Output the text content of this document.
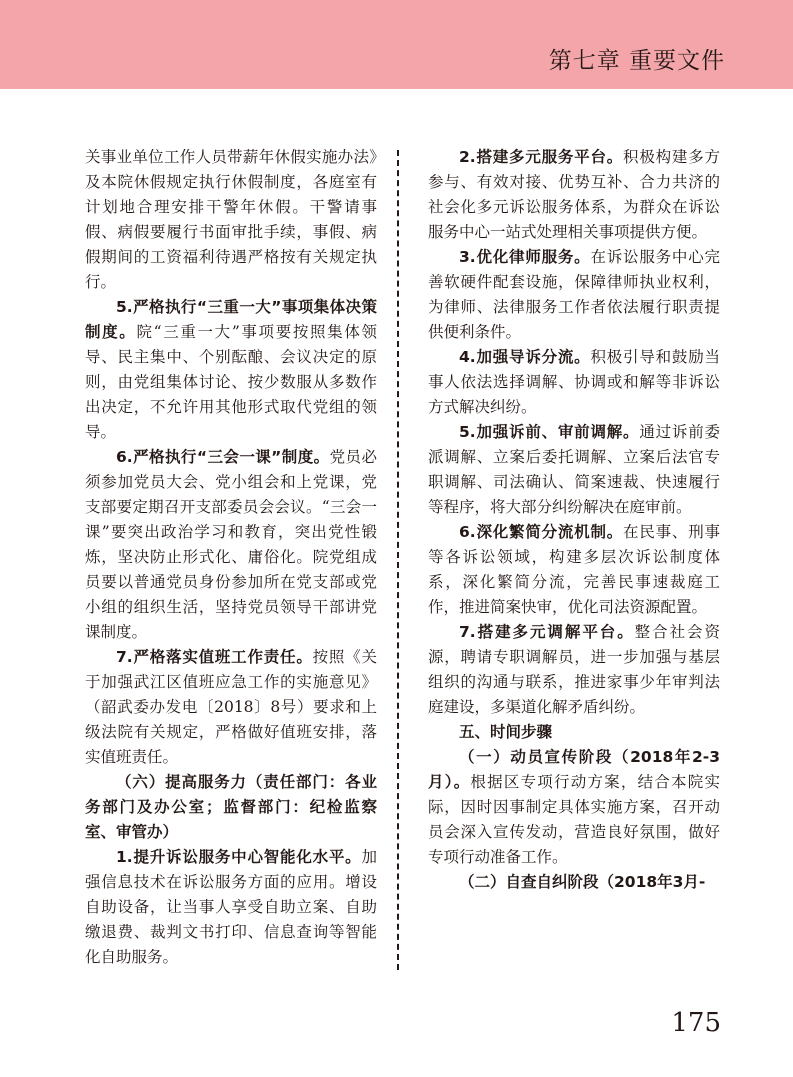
第七章 重要文件

关事业单位工作人员带薪年休假实施办法》及本院休假规定执行休假制度，各庭室有计划地合理安排干警年休假。干警请事假、病假要履行书面审批手续，事假、病假期间的工资福利待遇严格按有关规定执行。

5.严格执行“三重一大”事项集体决策制度。院“三重一大”事项要按照集体领导、民主集中、个别酝酿、会议决定的原则，由党组集体讨论、按少数服从多数作出决定，不允许用其他形式取代党组的领导。

6.严格执行“三会一课”制度。党员必须参加党员大会、党小组会和上党课，党支部要定期召开支部委员会会议。“三会一课”要突出政治学习和教育，突出党性锻炼，坚决防止形式化、庸俗化。院党组成员要以普通党员身份参加所在党支部或党小组的组织生活，坚持党员领导干部讲党课制度。

7.严格落实值班工作责任。按照《关于加强武江区值班应急工作的实施意见》（韶武委办发电〔2018〕8号）要求和上级法院有关规定，严格做好值班安排，落实值班责任。

（六）提高服务力（责任部门：各业务部门及办公室；监督部门：纪检监察室、审管办）

1.提升诉讼服务中心智能化水平。加强信息技术在诉讼服务方面的应用。增设自助设备，让当事人享受自助立案、自助缴退费、裁判文书打印、信息查询等智能化自助服务。

2.搭建多元服务平台。积极构建多方参与、有效对接、优势互补、合力共济的社会化多元诉讼服务体系，为群众在诉讼服务中心一站式处理相关事项提供方便。

3.优化律师服务。在诉讼服务中心完善软硬件配套设施，保障律师执业权利，为律师、法律服务工作者依法履行职责提供便利条件。

4.加强导诉分流。积极引导和鼓励当事人依法选择调解、协调或和解等非诉讼方式解决纠纷。

5.加强诉前、审前调解。通过诉前委派调解、立案后委托调解、立案后法官专职调解、司法确认、简案速裁、快速履行等程序，将大部分纠纷解决在庭审前。

6.深化繁简分流机制。在民事、刑事等各诉讼领域，构建多层次诉讼制度体系，深化繁简分流，完善民事速裁庭工作，推进简案快审，优化司法资源配置。

7.搭建多元调解平台。整合社会资源，聘请专职调解员，进一步加强与基层组织的沟通与联系，推进家事少年审判法庭建设，多渠道化解矛盾纠纷。

五、时间步骤

（一）动员宣传阶段（2018年2-3月）。根据区专项行动方案，结合本院实际，因时因事制定具体实施方案，召开动员会深入宣传发动，营造良好氛围，做好专项行动准备工作。

（二）自查自纠阶段（2018年3月-

175
